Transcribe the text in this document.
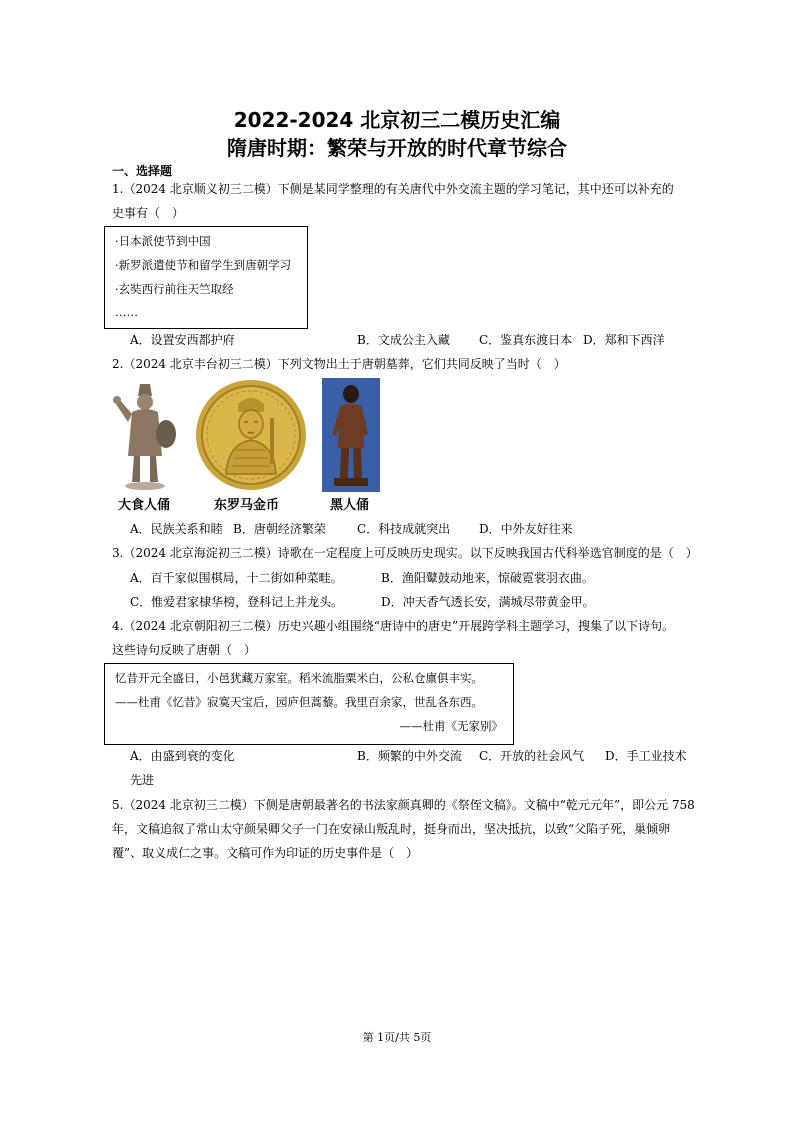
2022-2024 北京初三二模历史汇编
隋唐时期：繁荣与开放的时代章节综合
一、选择题
1.（2024 北京顺义初三二模）下侧是某同学整理的有关唐代中外交流主题的学习笔记，其中还可以补充的
史事有（　）
·日本派使节到中国
·新罗派遣使节和留学生到唐朝学习
·玄奘西行前往天竺取经
……
A．设置安西都护府	B．文成公主入藏 C．鉴真东渡日本 D．郑和下西洋
2.（2024 北京丰台初三二模）下列文物出土于唐朝墓葬，它们共同反映了当时（　）
大食人俑	东罗马金币	黑人俑
A．民族关系和睦 B．唐朝经济繁荣	C．科技成就突出 D．中外友好往来
3.（2024 北京海淀初三二模）诗歌在一定程度上可反映历史现实。以下反映我国古代科举选官制度的是（　）
A．百千家似围棋局，十二街如种菜畦。	B．渔阳鼙鼓动地来，惊破霓裳羽衣曲。
C．惟爱君家棣华榜，登科记上并龙头。	D．冲天香气透长安，满城尽带黄金甲。
4.（2024 北京朝阳初三二模）历史兴趣小组围绕“唐诗中的唐史”开展跨学科主题学习，搜集了以下诗句。
这些诗句反映了唐朝（　）
忆昔开元全盛日，小邑犹藏万家室。稻米流脂粟米白，公私仓廪俱丰实。
——杜甫《忆昔》寂寞天宝后，园庐但蒿藜。我里百余家，世乱各东西。
——杜甫《无家别》
A．由盛到衰的变化	B．频繁的中外交流 C．开放的社会风气 D．手工业技术
先进
5.（2024 北京初三二模）下侧是唐朝最著名的书法家颜真卿的《祭侄文稿》。文稿中“乾元元年”，即公元 758
年，文稿追叙了常山太守颜杲卿父子一门在安禄山叛乱时，挺身而出，坚决抵抗，以致“父陷子死，巢倾卵
覆”、取义成仁之事。文稿可作为印证的历史事件是（　）
第 1页/共 5页
